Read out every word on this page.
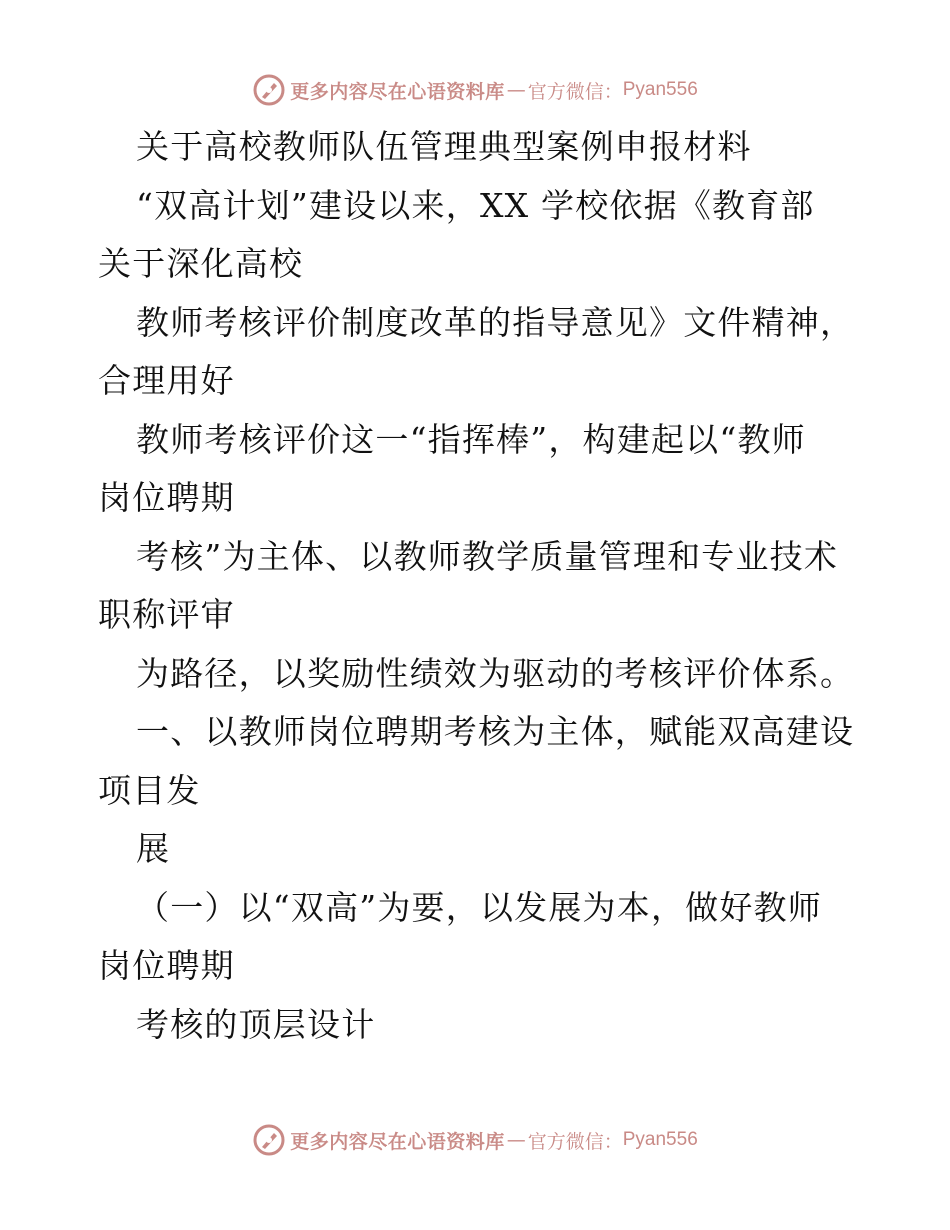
更多内容尽在心语资料库 — 官方微信： Pyan556
关于高校教师队伍管理典型案例申报材料
“双高计划”建设以来，XX 学校依据《教育部
关于深化高校
教师考核评价制度改革的指导意见》文件精神，
合理用好
教师考核评价这一“指挥棒”，构建起以“教师
岗位聘期
考核”为主体、以教师教学质量管理和专业技术
职称评审
为路径，以奖励性绩效为驱动的考核评价体系。
一、以教师岗位聘期考核为主体，赋能双高建设
项目发
展
（一）以“双高”为要，以发展为本，做好教师
岗位聘期
考核的顶层设计
更多内容尽在心语资料库 — 官方微信： Pyan556
